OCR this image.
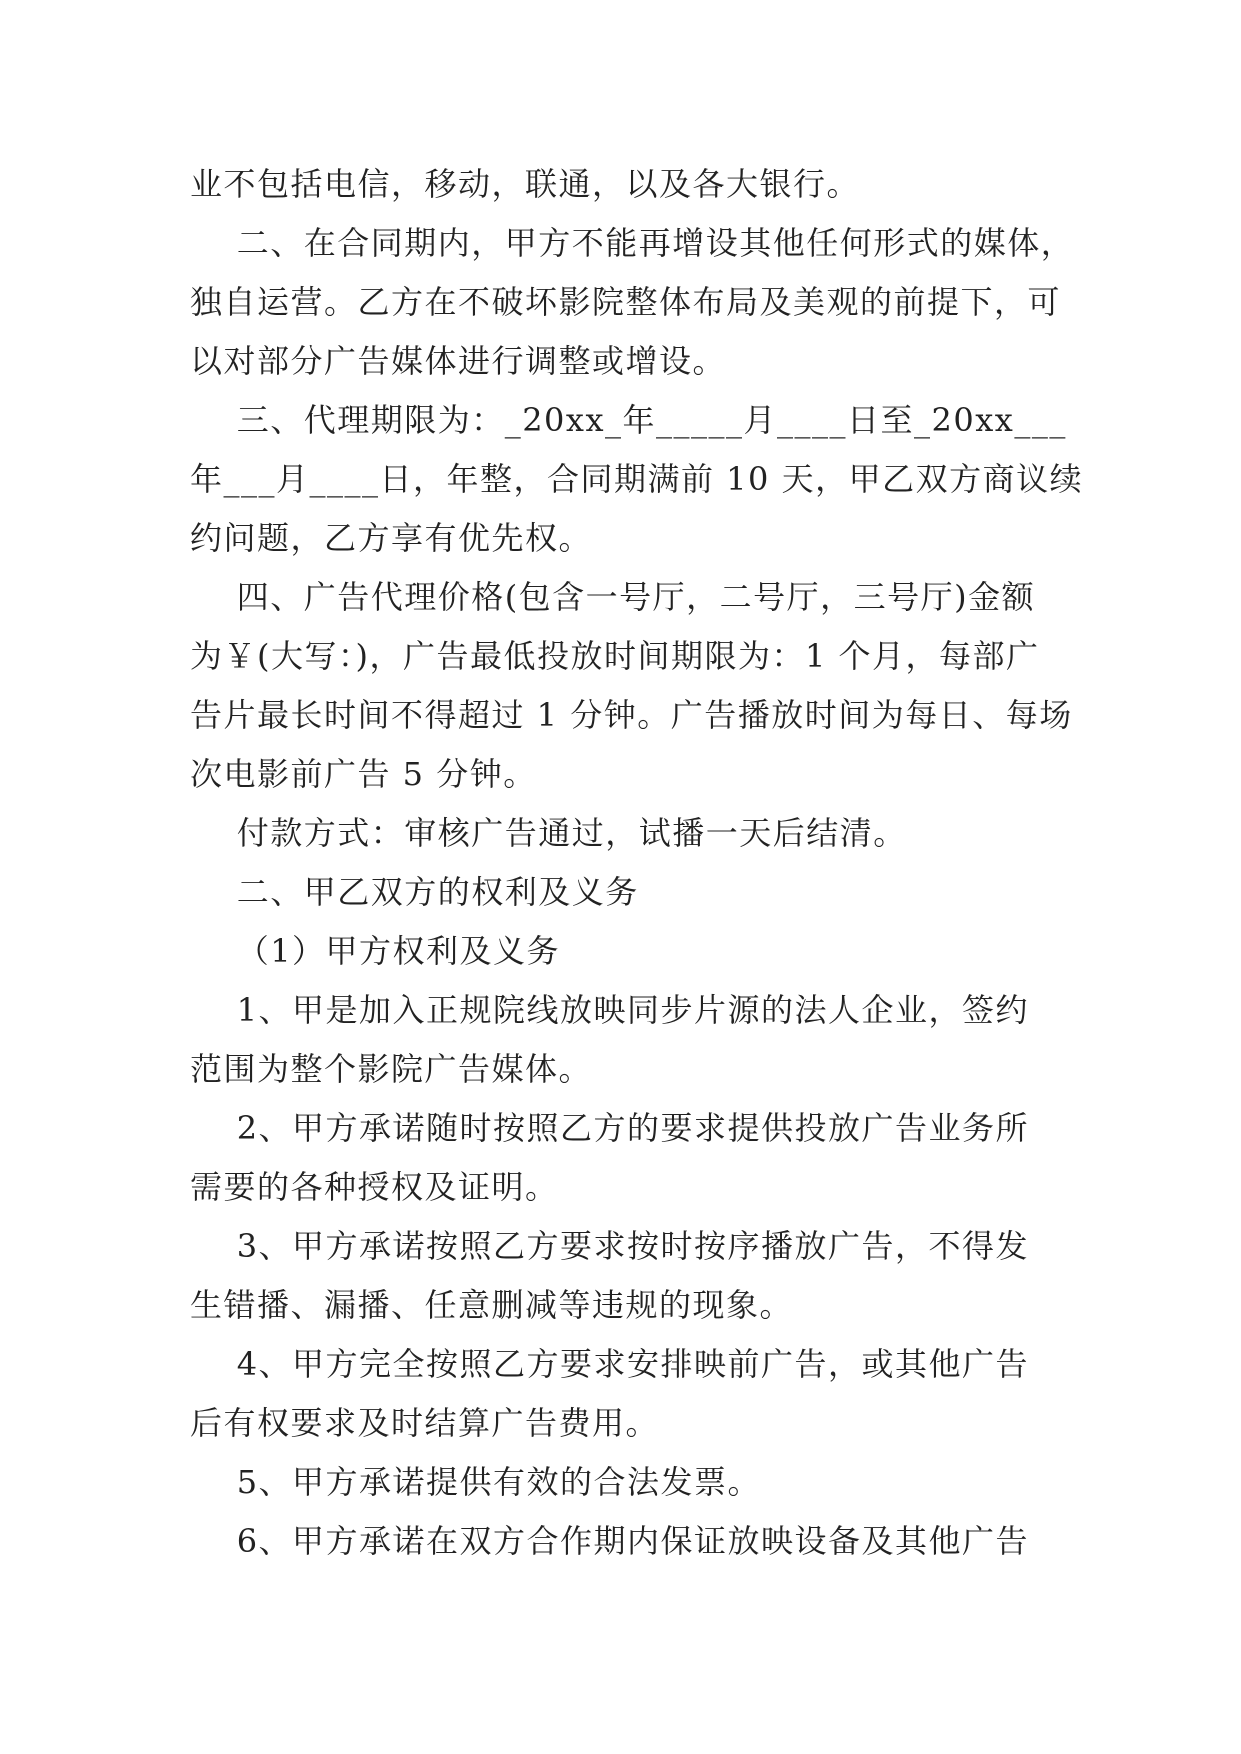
业不包括电信，移动，联通，以及各大银行。
二、在合同期内，甲方不能再增设其他任何形式的媒体，
独自运营。乙方在不破坏影院整体布局及美观的前提下，可
以对部分广告媒体进行调整或增设。
三、代理期限为：_20xx_年_____月____日至_20xx___
年___月____日，年整，合同期满前 10 天，甲乙双方商议续
约问题，乙方享有优先权。
四、广告代理价格(包含一号厅，二号厅，三号厅)金额
为￥(大写：)，广告最低投放时间期限为：1 个月，每部广
告片最长时间不得超过 1 分钟。广告播放时间为每日、每场
次电影前广告 5 分钟。
付款方式：审核广告通过，试播一天后结清。
二、甲乙双方的权利及义务
（1）甲方权利及义务
1、甲是加入正规院线放映同步片源的法人企业，签约
范围为整个影院广告媒体。
2、甲方承诺随时按照乙方的要求提供投放广告业务所
需要的各种授权及证明。
3、甲方承诺按照乙方要求按时按序播放广告，不得发
生错播、漏播、任意删减等违规的现象。
4、甲方完全按照乙方要求安排映前广告，或其他广告
后有权要求及时结算广告费用。
5、甲方承诺提供有效的合法发票。
6、甲方承诺在双方合作期内保证放映设备及其他广告
